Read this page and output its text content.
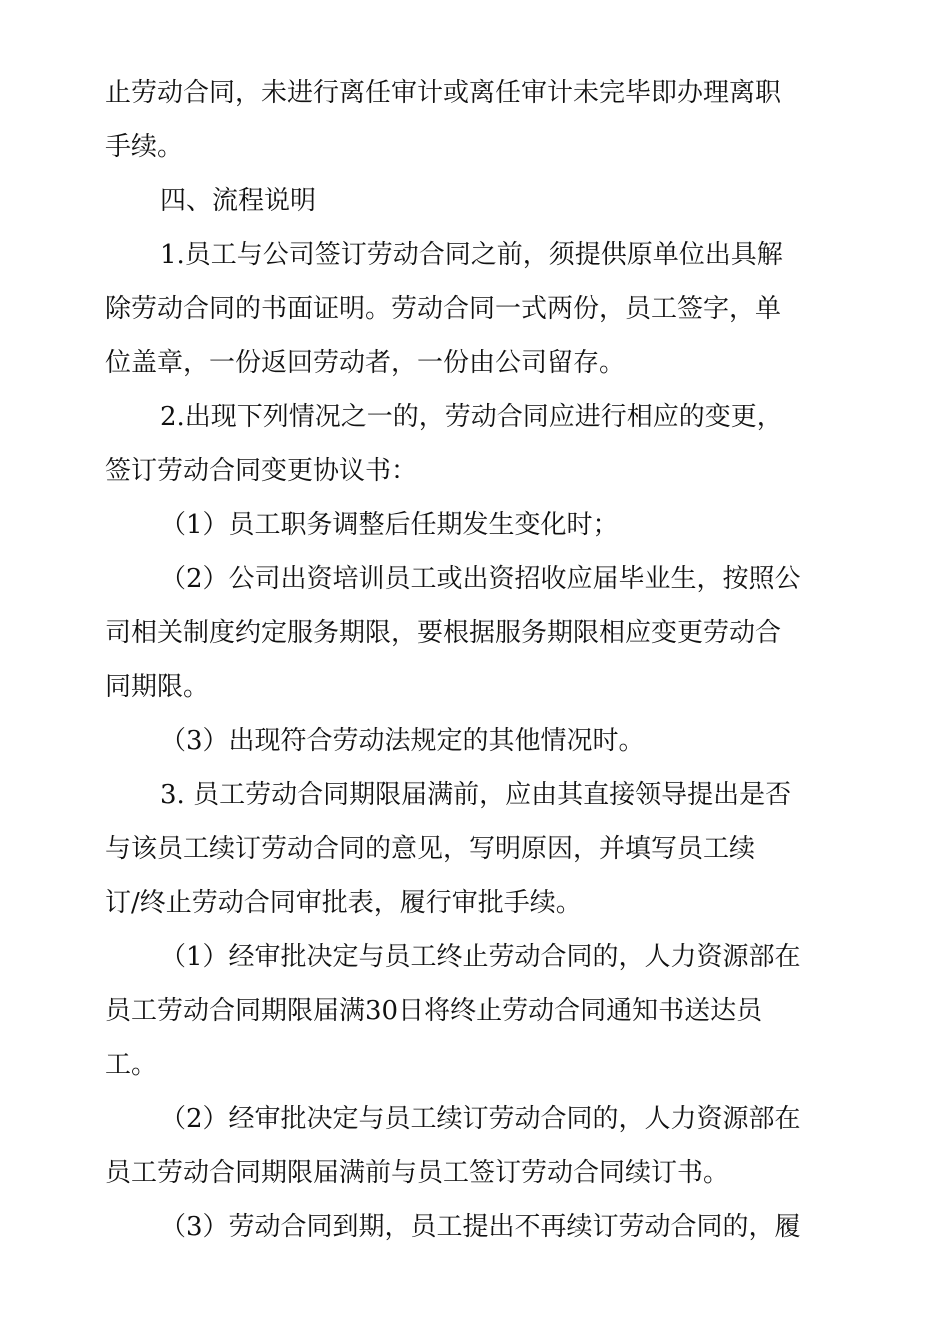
止劳动合同，未进行离任审计或离任审计未完毕即办理离职
手续。
四、流程说明
1.员工与公司签订劳动合同之前，须提供原单位出具解
除劳动合同的书面证明。劳动合同一式两份，员工签字，单
位盖章，一份返回劳动者，一份由公司留存。
2.出现下列情况之一的，劳动合同应进行相应的变更，
签订劳动合同变更协议书：
（1）员工职务调整后任期发生变化时；
（2）公司出资培训员工或出资招收应届毕业生，按照公
司相关制度约定服务期限，要根据服务期限相应变更劳动合
同期限。
（3）出现符合劳动法规定的其他情况时。
3. 员工劳动合同期限届满前，应由其直接领导提出是否
与该员工续订劳动合同的意见，写明原因，并填写员工续
订/终止劳动合同审批表，履行审批手续。
（1）经审批决定与员工终止劳动合同的，人力资源部在
员工劳动合同期限届满30日将终止劳动合同通知书送达员
工。
（2）经审批决定与员工续订劳动合同的，人力资源部在
员工劳动合同期限届满前与员工签订劳动合同续订书。
（3）劳动合同到期，员工提出不再续订劳动合同的，履
